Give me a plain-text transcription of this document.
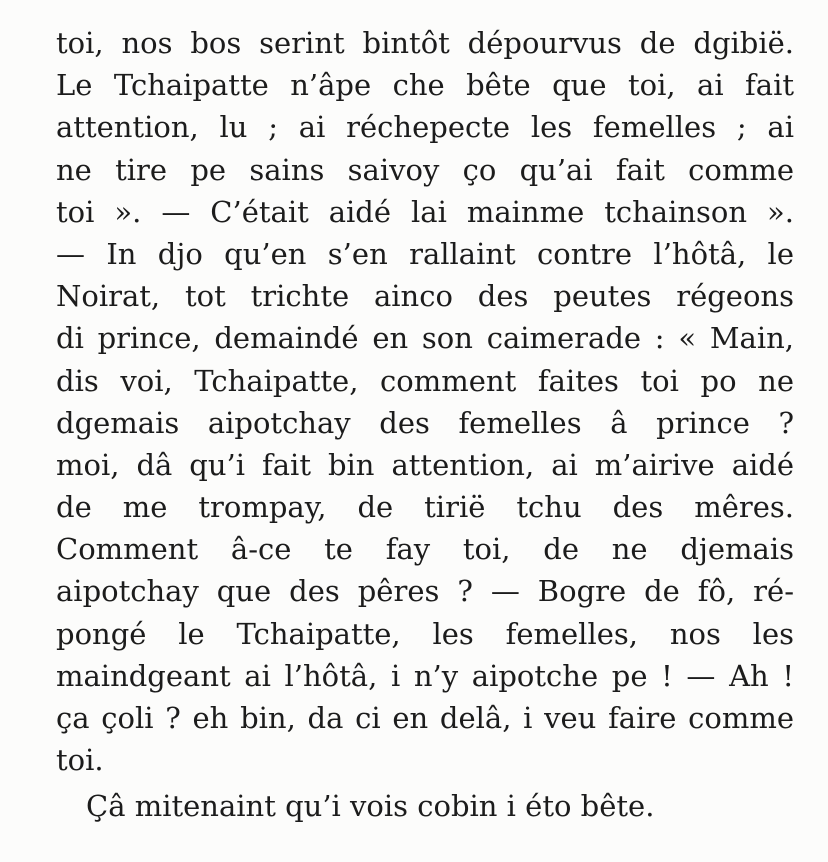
toi, nos bos serint bintôt dépourvus de dgibië.
Le Tchaipatte n’âpe che bête que toi, ai fait
attention, lu ; ai réchepecte les femelles ; ai
ne tire pe sains saivoy ço qu’ai fait comme
toi ». — C’était aidé lai mainme tchainson ».
— In djo qu’en s’en rallaint contre l’hôtâ, le
Noirat, tot trichte ainco des peutes régeons
di prince, demaindé en son caimerade : « Main,
dis voi, Tchaipatte, comment faites toi po ne
dgemais aipotchay des femelles â prince ?
moi, dâ qu’i fait bin attention, ai m’airive aidé
de me trompay, de tirië tchu des mêres.
Comment â-ce te fay toi, de ne djemais
aipotchay que des pêres ? — Bogre de fô, ré-
pongé le Tchaipatte, les femelles, nos les
maindgeant ai l’hôtâ, i n’y aipotche pe ! — Ah !
ça çoli ? eh bin, da ci en delâ, i veu faire comme
toi.
Çâ mitenaint qu’i vois cobin i éto bête.
